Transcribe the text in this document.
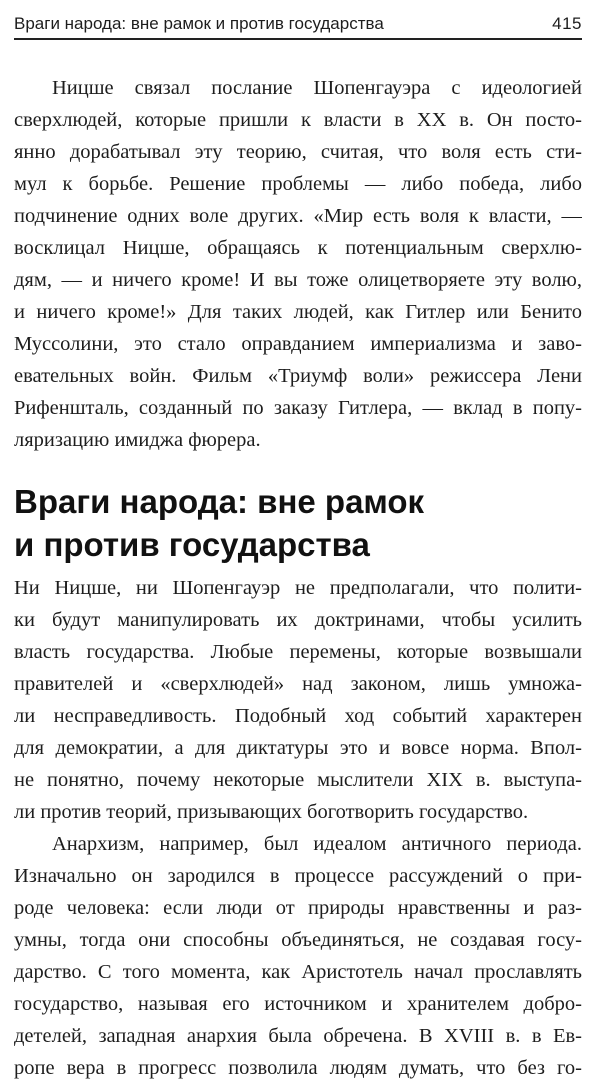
Враги народа: вне рамок и против государства	415
Ницше связал послание Шопенгауэра с идеологией
сверхлюдей, которые пришли к власти в XX в. Он посто-
янно дорабатывал эту теорию, считая, что воля есть сти-
мул к борьбе. Решение проблемы — либо победа, либо
подчинение одних воле других. «Мир есть воля к власти, —
восклицал Ницше, обращаясь к потенциальным сверхлю-
дям, — и ничего кроме! И вы тоже олицетворяете эту волю,
и ничего кроме!» Для таких людей, как Гитлер или Бенито
Муссолини, это стало оправданием империализма и заво-
евательных войн. Фильм «Триумф воли» режиссера Лени
Рифеншталь, созданный по заказу Гитлера, — вклад в попу-
ляризацию имиджа фюрера.
Враги народа: вне рамок
и против государства
Ни Ницше, ни Шопенгауэр не предполагали, что полити-
ки будут манипулировать их доктринами, чтобы усилить
власть государства. Любые перемены, которые возвышали
правителей и «сверхлюдей» над законом, лишь умножа-
ли несправедливость. Подобный ход событий характерен
для демократии, а для диктатуры это и вовсе норма. Впол-
не понятно, почему некоторые мыслители XIX в. выступа-
ли против теорий, призывающих боготворить государство.
Анархизм, например, был идеалом античного периода.
Изначально он зародился в процессе рассуждений о при-
роде человека: если люди от природы нравственны и раз-
умны, тогда они способны объединяться, не создавая госу-
дарство. С того момента, как Аристотель начал прославлять
государство, называя его источником и хранителем добро-
детелей, западная анархия была обречена. В XVIII в. в Ев-
ропе вера в прогресс позволила людям думать, что без го-
